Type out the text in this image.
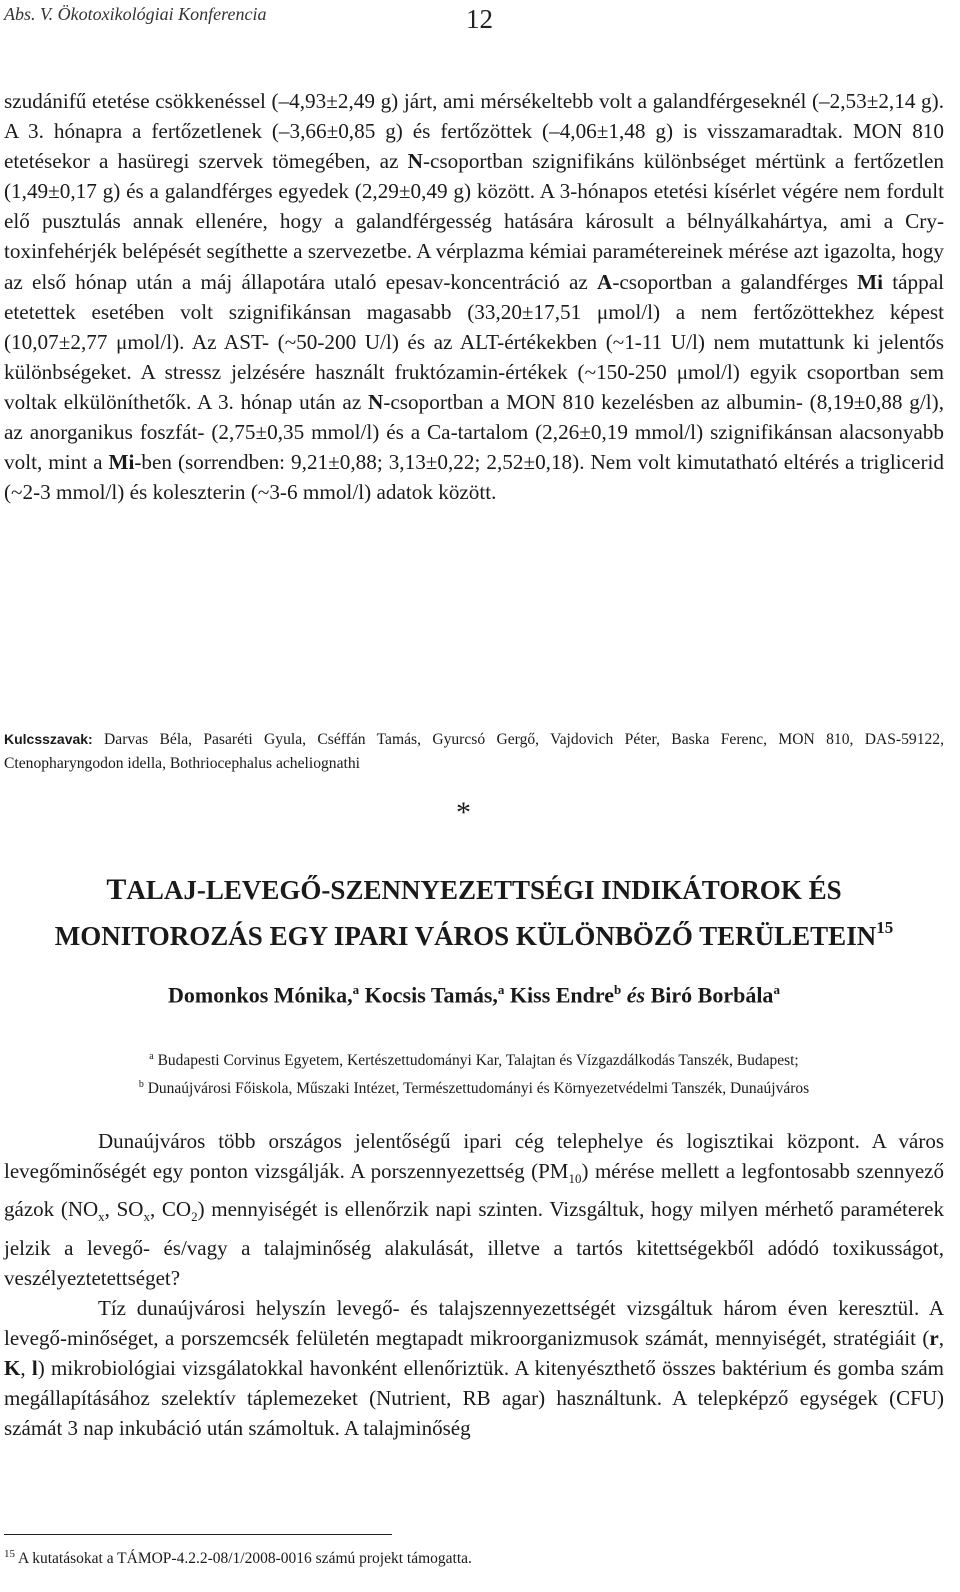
Abs. V. Ökotoxikológiai Konferencia	12
szudánifű etetése csökkenéssel (–4,93±2,49 g) járt, ami mérsékeltebb volt a galandférgeseknél (–2,53±2,14 g). A 3. hónapra a fertőzetlenek (–3,66±0,85 g) és fertőzöttek (–4,06±1,48 g) is visszamaradtak. MON 810 etetésekor a hasüregi szervek tömegében, az N-csoportban szignifikáns különbséget mértünk a fertőzetlen (1,49±0,17 g) és a galandférges egyedek (2,29±0,49 g) között. A 3-hónapos etetési kísérlet végére nem fordult elő pusztulás annak ellenére, hogy a galandférgesség hatására károsult a bélnyálkahártya, ami a Cry-toxinfehérjék belépését segíthette a szervezetbe. A vérplazma kémiai paramétereinek mérése azt igazolta, hogy az első hónap után a máj állapotára utaló epesav-koncentráció az A-csoportban a galandférges Mi táppal etetettek esetében volt szignifikánsan magasabb (33,20±17,51 μmol/l) a nem fertőzöttekhez képest (10,07±2,77 μmol/l). Az AST- (~50-200 U/l) és az ALT-értékekben (~1-11 U/l) nem mutattunk ki jelentős különbségeket. A stressz jelzésére használt fruktózamin-értékek (~150-250 μmol/l) egyik csoportban sem voltak elkülöníthetők. A 3. hónap után az N-csoportban a MON 810 kezelésben az albumin- (8,19±0,88 g/l), az anorganikus foszfát- (2,75±0,35 mmol/l) és a Ca-tartalom (2,26±0,19 mmol/l) szignifikánsan alacsonyabb volt, mint a Mi-ben (sorrendben: 9,21±0,88; 3,13±0,22; 2,52±0,18). Nem volt kimutatható eltérés a triglicerid (~2-3 mmol/l) és koleszterin (~3-6 mmol/l) adatok között.
Kulcsszavak: Darvas Béla, Pasaréti Gyula, Cséffán Tamás, Gyurcsó Gergő, Vajdovich Péter, Baska Ferenc, MON 810, DAS-59122, Ctenopharyngodon idella, Bothriocephalus acheliognathi
*
TALAJ-LEVEGŐ-SZENNYEZETTSÉGI INDIKÁTOROK ÉS
MONITOROZÁS EGY IPARI VÁROS KÜLÖNBÖZŐ TERÜLETEIN$^{15}$
Domonkos Mónika,$^a$ Kocsis Tamás,$^a$ Kiss Endre$^b$ és Biró Borbála$^a$
$^a$ Budapesti Corvinus Egyetem, Kertészettudományi Kar, Talajtan és Vízgazdálkodás Tanszék, Budapest;
$^b$ Dunaújvárosi Főiskola, Műszaki Intézet, Természettudományi és Környezetvédelmi Tanszék, Dunaújváros

Dunaújváros több országos jelentőségű ipari cég telephelye és logisztikai központ. A város levegőminőségét egy ponton vizsgálják. A porszennyezettség $(PM_{10})$ mérése mellett a legfontosabb szennyező gázok ($NO_x$, $SO_x$, $CO_2$) mennyiségét is ellenőrzik napi szinten. Vizsgáltuk, hogy milyen mérhető paraméterek jelzik a levegő- és/vagy a talajminőség alakulását, illetve a tartós kitettségekből adódó toxikusságot, veszélyeztetettséget?

Tíz dunaújvárosi helyszín levegő- és talajszennyezettségét vizsgáltuk három éven keresztül. A levegő-minőséget, a porszemcsék felületén megtapadt mikroorganizmusok számát, mennyiségét, stratégiáit (r, K, l) mikrobiológiai vizsgálatokkal havonként ellenőriztük. A kitenyészthető összes baktérium és gomba szám megállapításához szelektív táplemezeket (Nutrient, RB agar) használtunk. A telepképző egységek (CFU) számát 3 nap inkubáció után számoltuk. A talajminőség

$^{15}$ A kutatásokat a TÁMOP-4.2.2-08/1/2008-0016 számú projekt támogatta.
